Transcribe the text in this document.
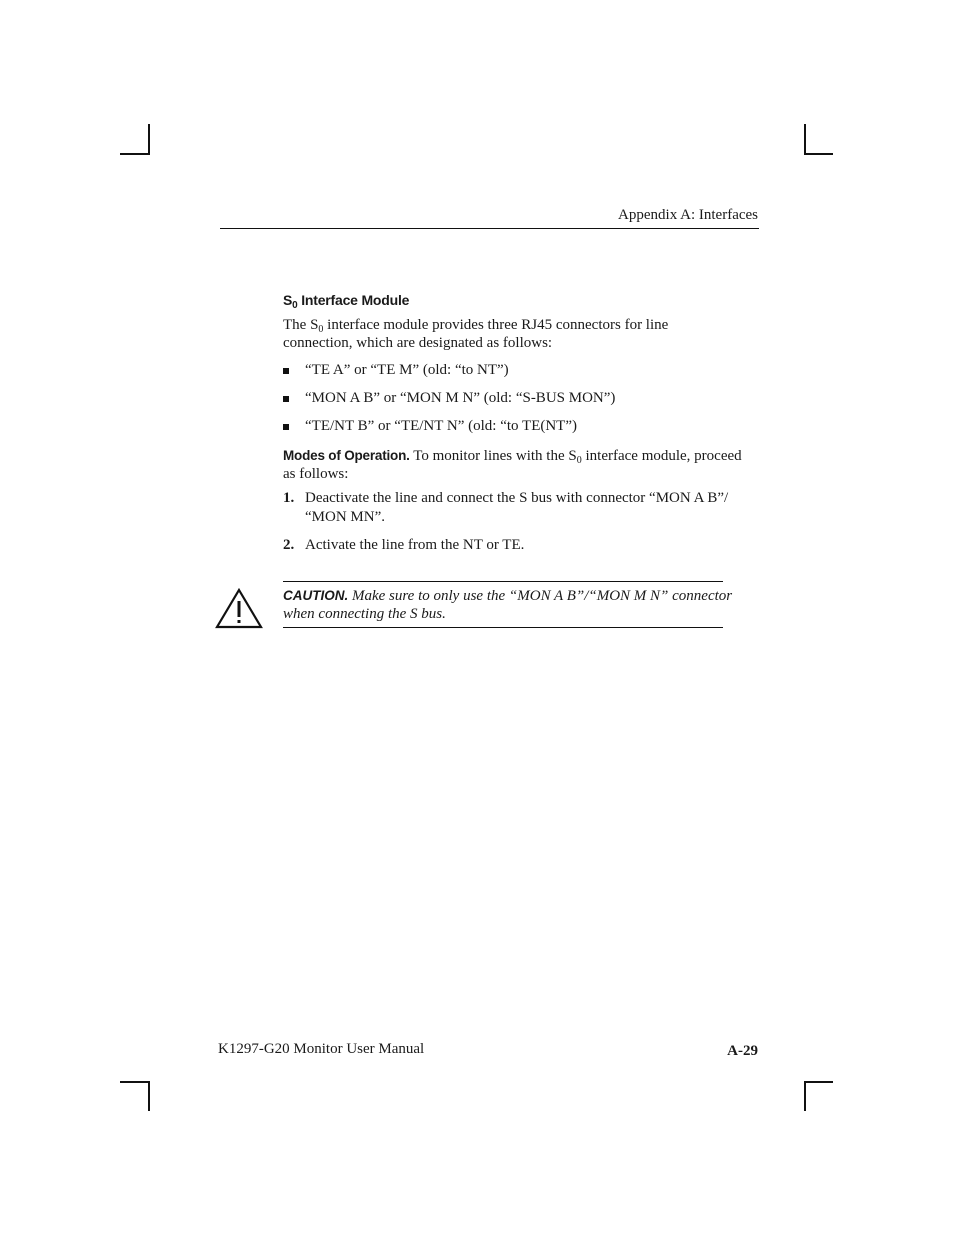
Appendix A: Interfaces
$S_0$ Interface Module
The $S_0$ interface module provides three RJ45 connectors for line
connection, which are designated as follows:
“TE A” or “TE M” (old: “to NT”)
“MON A B” or “MON M N” (old: “S-BUS MON”)
“TE/NT B” or “TE/NT N” (old: “to TE(NT”)
Modes of Operation. To monitor lines with the $S_0$ interface module, proceed
as follows:
1. Deactivate the line and connect the S bus with connector “MON A B”/
“MON MN”.
2. Activate the line from the NT or TE.
CAUTION. Make sure to only use the “MON A B”/“MON M N” connector
when connecting the S bus.
K1297-G20 Monitor User Manual	A-29
